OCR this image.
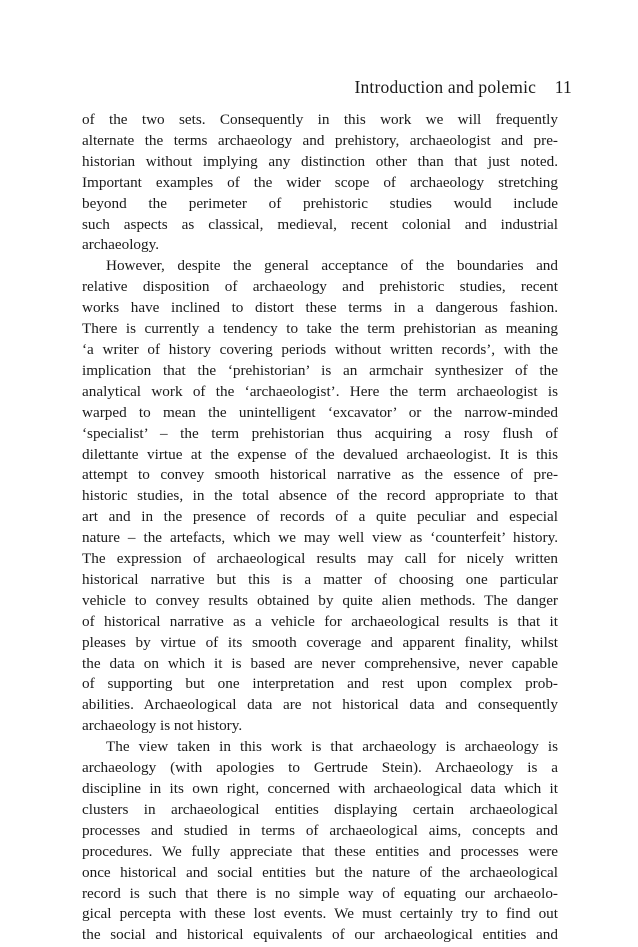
Introduction and polemic 11

of the two sets. Consequently in this work we will frequently
alternate the terms archaeology and prehistory, archaeologist and pre-
historian without implying any distinction other than that just noted.
Important examples of the wider scope of archaeology stretching
beyond the perimeter of prehistoric studies would include
such aspects as classical, medieval, recent colonial and industrial
archaeology.

However, despite the general acceptance of the boundaries and
relative disposition of archaeology and prehistoric studies, recent
works have inclined to distort these terms in a dangerous fashion.
There is currently a tendency to take the term prehistorian as meaning
‘a writer of history covering periods without written records’, with the
implication that the ‘prehistorian’ is an armchair synthesizer of the
analytical work of the ‘archaeologist’. Here the term archaeologist is
warped to mean the unintelligent ‘excavator’ or the narrow-minded
‘specialist’ – the term prehistorian thus acquiring a rosy flush of
dilettante virtue at the expense of the devalued archaeologist. It is this
attempt to convey smooth historical narrative as the essence of pre-
historic studies, in the total absence of the record appropriate to that
art and in the presence of records of a quite peculiar and especial
nature – the artefacts, which we may well view as ‘counterfeit’ history.
The expression of archaeological results may call for nicely written
historical narrative but this is a matter of choosing one particular
vehicle to convey results obtained by quite alien methods. The danger
of historical narrative as a vehicle for archaeological results is that it
pleases by virtue of its smooth coverage and apparent finality, whilst
the data on which it is based are never comprehensive, never capable
of supporting but one interpretation and rest upon complex prob-
abilities. Archaeological data are not historical data and consequently
archaeology is not history.

The view taken in this work is that archaeology is archaeology is
archaeology (with apologies to Gertrude Stein). Archaeology is a
discipline in its own right, concerned with archaeological data which it
clusters in archaeological entities displaying certain archaeological
processes and studied in terms of archaeological aims, concepts and
procedures. We fully appreciate that these entities and processes were
once historical and social entities but the nature of the archaeological
record is such that there is no simple way of equating our archaeolo-
gical percepta with these lost events. We must certainly try to find out
the social and historical equivalents of our archaeological entities and
